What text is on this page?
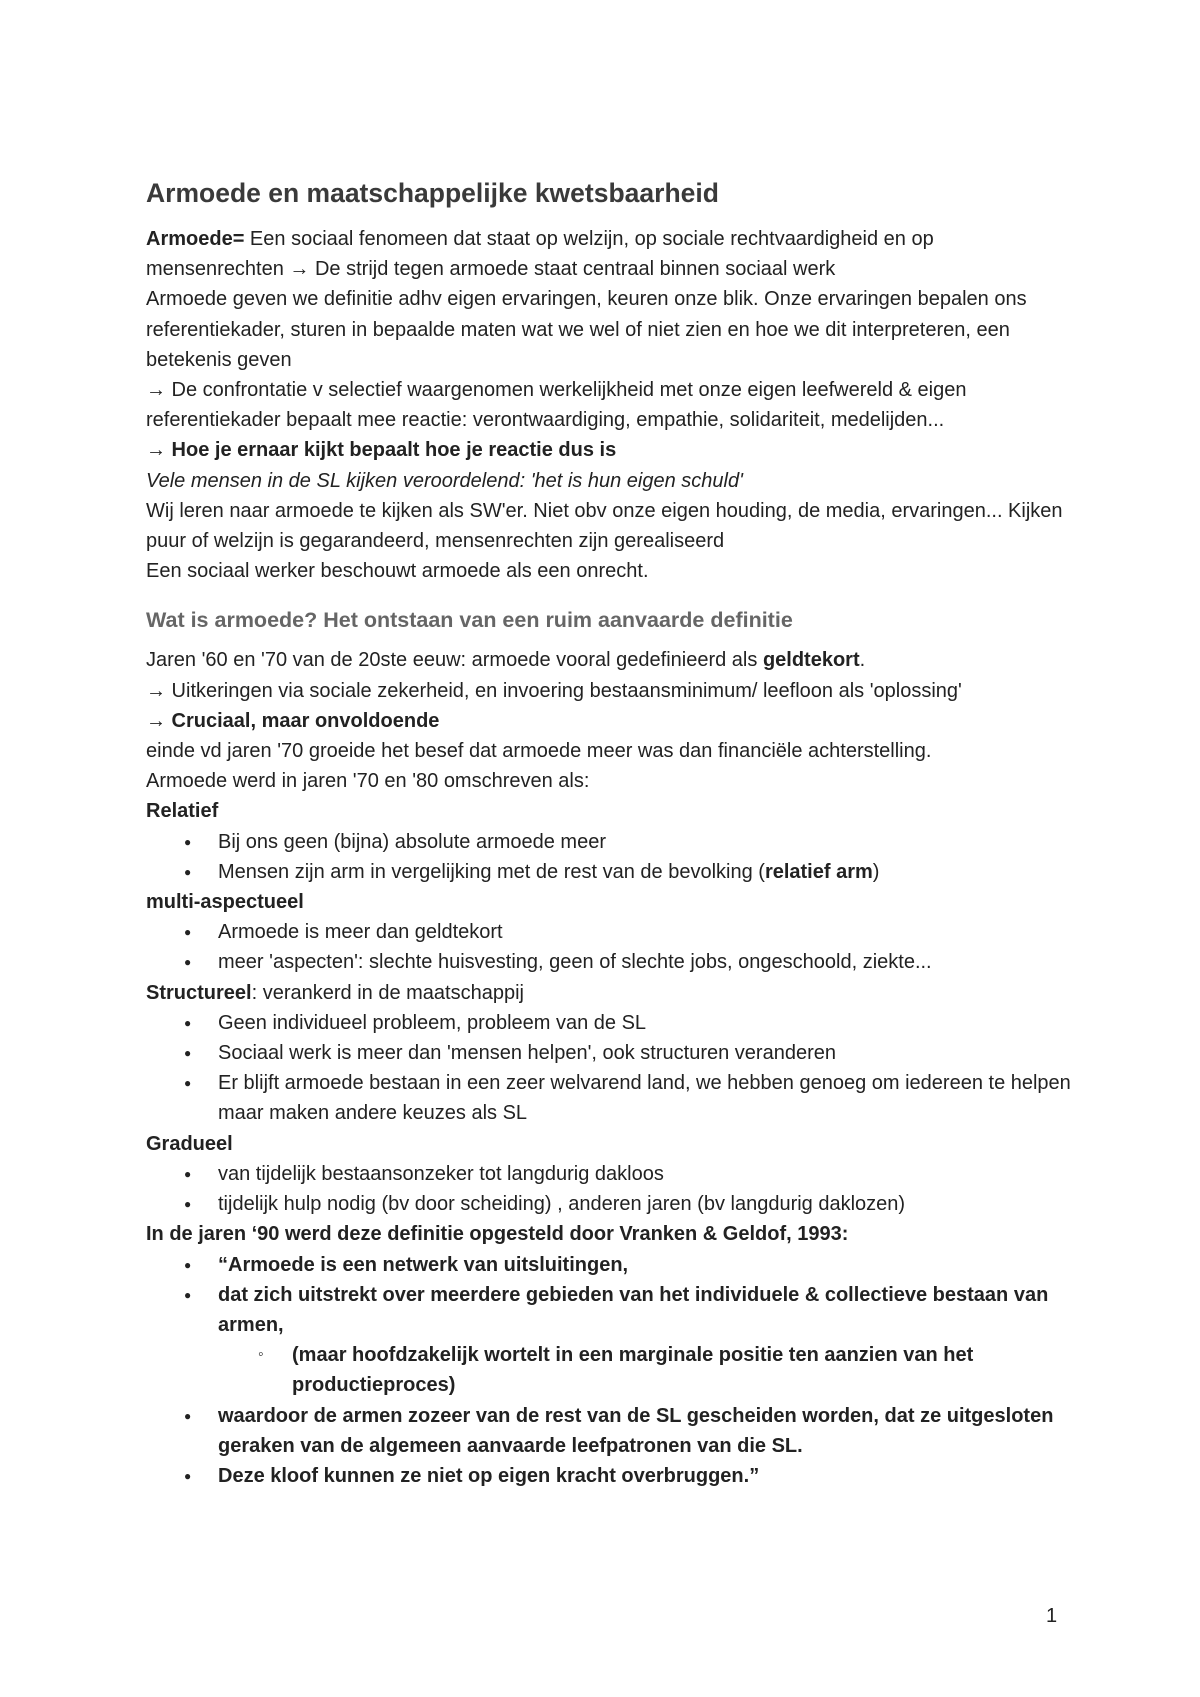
Armoede en maatschappelijke kwetsbaarheid

Armoede= Een sociaal fenomeen dat staat op welzijn, op sociale rechtvaardigheid en op mensenrechten → De strijd tegen armoede staat centraal binnen sociaal werk

Armoede geven we definitie adhv eigen ervaringen, keuren onze blik. Onze ervaringen bepalen ons referentiekader, sturen in bepaalde maten wat we wel of niet zien en hoe we dit interpreteren, een betekenis geven

→ De confrontatie v selectief waargenomen werkelijkheid met onze eigen leefwereld & eigen referentiekader bepaalt mee reactie: verontwaardiging, empathie, solidariteit, medelijden...

→ Hoe je ernaar kijkt bepaalt hoe je reactie dus is

Vele mensen in de SL kijken veroordelend: 'het is hun eigen schuld'

Wij leren naar armoede te kijken als SW'er. Niet obv onze eigen houding, de media, ervaringen... Kijken puur of welzijn is gegarandeerd, mensenrechten zijn gerealiseerd

Een sociaal werker beschouwt armoede als een onrecht.

Wat is armoede? Het ontstaan van een ruim aanvaarde definitie

Jaren '60 en '70 van de 20ste eeuw: armoede vooral gedefinieerd als geldtekort.

→ Uitkeringen via sociale zekerheid, en invoering bestaansminimum/ leefloon als 'oplossing'

→ Cruciaal, maar onvoldoende

einde vd jaren '70 groeide het besef dat armoede meer was dan financiële achterstelling.

Armoede werd in jaren '70 en '80 omschreven als:

Relatief

● Bij ons geen (bijna) absolute armoede meer
● Mensen zijn arm in vergelijking met de rest van de bevolking (relatief arm)

multi-aspectueel

● Armoede is meer dan geldtekort
● meer 'aspecten': slechte huisvesting, geen of slechte jobs, ongeschoold, ziekte...

Structureel: verankerd in de maatschappij

● Geen individueel probleem, probleem van de SL
● Sociaal werk is meer dan 'mensen helpen', ook structuren veranderen
● Er blijft armoede bestaan in een zeer welvarend land, we hebben genoeg om iedereen te helpen maar maken andere keuzes als SL

Gradueel

● van tijdelijk bestaansonzeker tot langdurig dakloos
● tijdelijk hulp nodig (bv door scheiding) , anderen jaren (bv langdurig daklozen)

In de jaren ‘90 werd deze definitie opgesteld door Vranken & Geldof, 1993:

● “Armoede is een netwerk van uitsluitingen,
● dat zich uitstrekt over meerdere gebieden van het individuele & collectieve bestaan van armen,
◦ (maar hoofdzakelijk wortelt in een marginale positie ten aanzien van het productieproces)
● waardoor de armen zozeer van de rest van de SL gescheiden worden, dat ze uitgesloten geraken van de algemeen aanvaarde leefpatronen van die SL.
● Deze kloof kunnen ze niet op eigen kracht overbruggen.”
1
